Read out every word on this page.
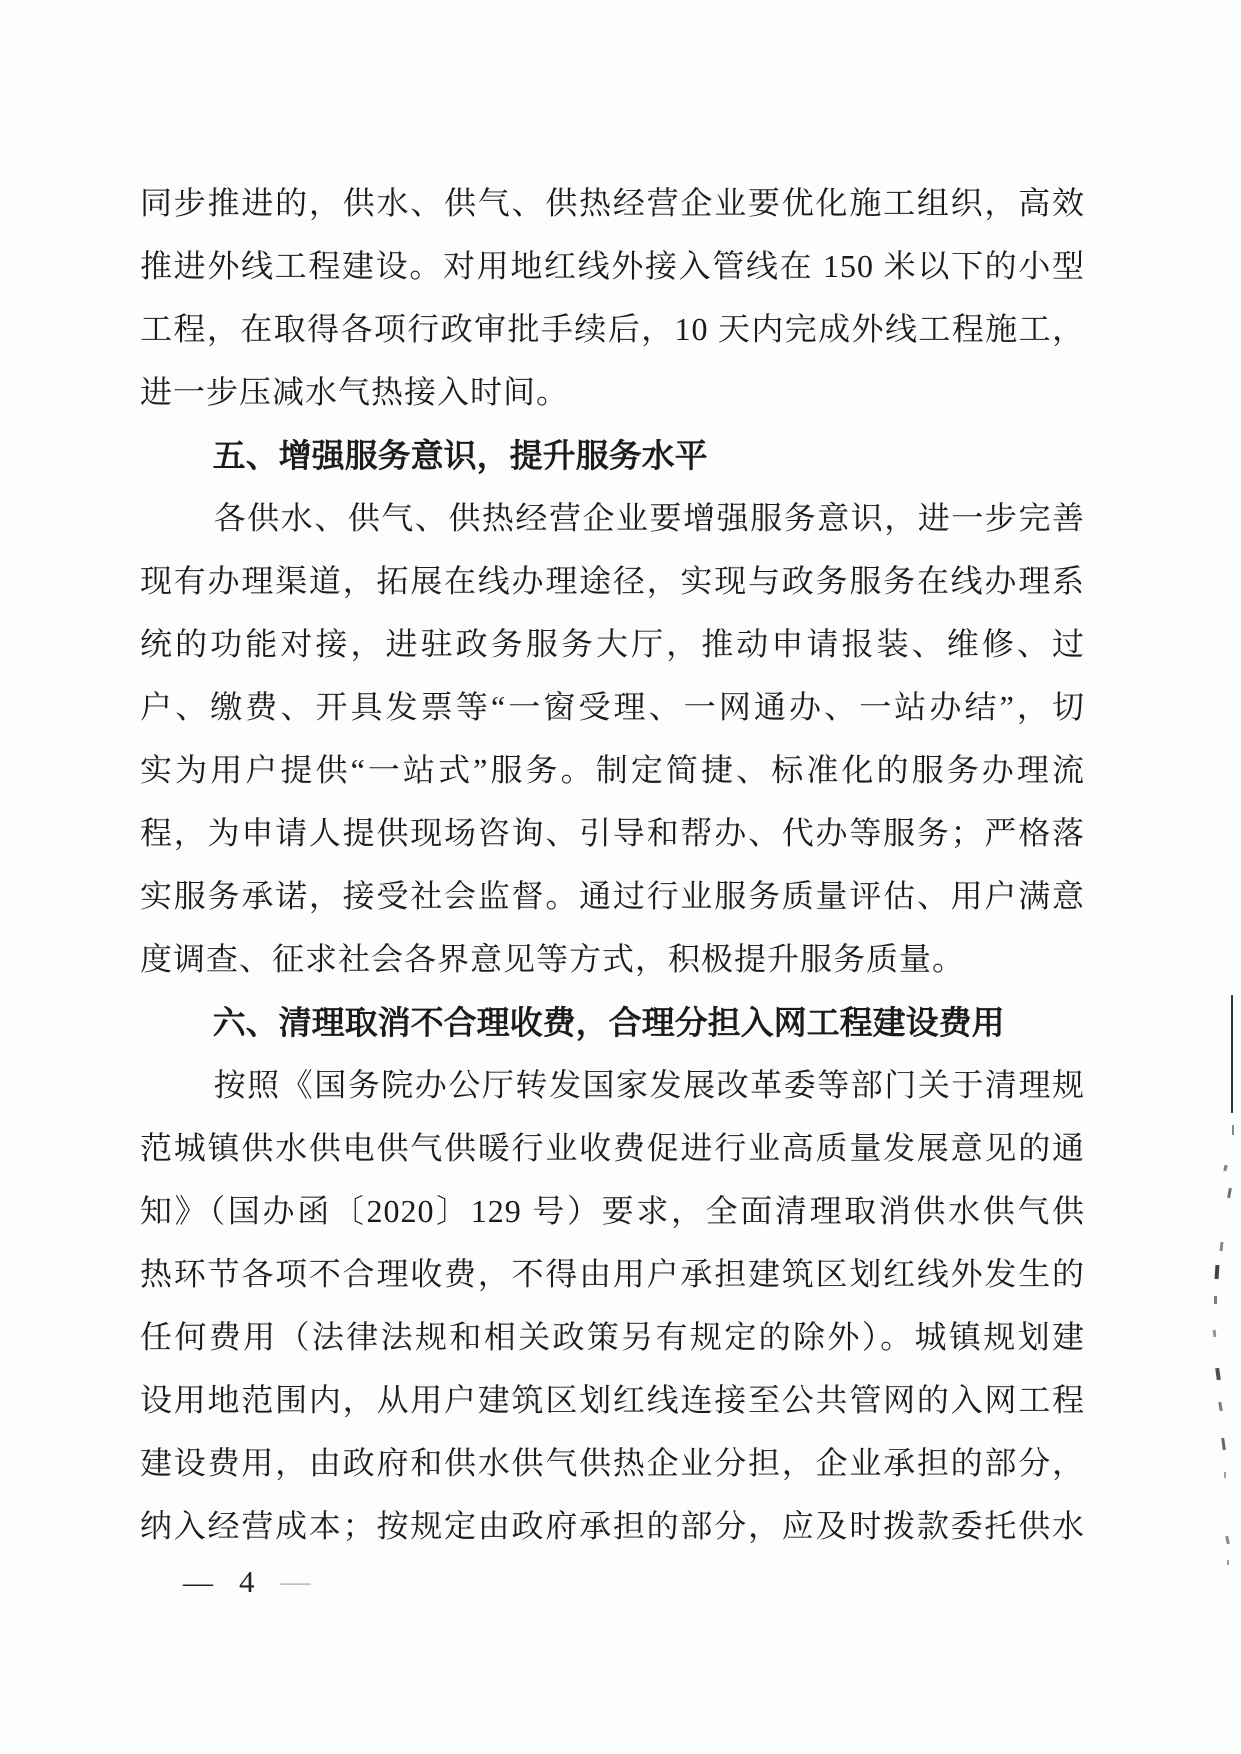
同步推进的，供水、供气、供热经营企业要优化施工组织，高效

推进外线工程建设。对用地红线外接入管线在 150 米以下的小型

工程，在取得各项行政审批手续后，10 天内完成外线工程施工，

进一步压减水气热接入时间。

五、增强服务意识，提升服务水平

各供水、供气、供热经营企业要增强服务意识，进一步完善

现有办理渠道，拓展在线办理途径，实现与政务服务在线办理系

统的功能对接，进驻政务服务大厅，推动申请报装、维修、过

户、缴费、开具发票等“一窗受理、一网通办、一站办结”，切

实为用户提供“一站式”服务。制定简捷、标准化的服务办理流

程，为申请人提供现场咨询、引导和帮办、代办等服务；严格落

实服务承诺，接受社会监督。通过行业服务质量评估、用户满意

度调查、征求社会各界意见等方式，积极提升服务质量。

六、清理取消不合理收费，合理分担入网工程建设费用

按照《国务院办公厅转发国家发展改革委等部门关于清理规

范城镇供水供电供气供暖行业收费促进行业高质量发展意见的通

知》（国办函〔2020〕129 号）要求，全面清理取消供水供气供

热环节各项不合理收费，不得由用户承担建筑区划红线外发生的

任何费用（法律法规和相关政策另有规定的除外）。城镇规划建

设用地范围内，从用户建筑区划红线连接至公共管网的入网工程

建设费用，由政府和供水供气供热企业分担，企业承担的部分，

纳入经营成本；按规定由政府承担的部分，应及时拨款委托供水

— 4 —
